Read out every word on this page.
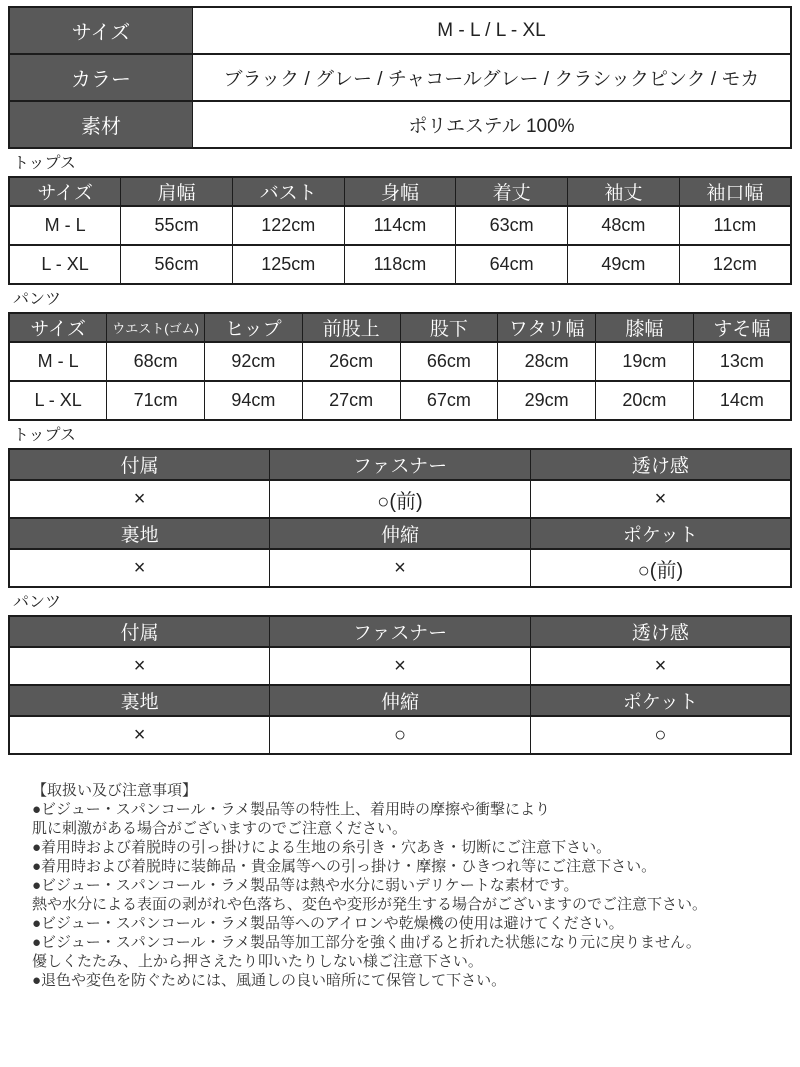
サイズ	M - L / L - XL
カラー	ブラック / グレー / チャコールグレー / クラシックピンク / モカ
素材	ポリエステル 100%
トップス
サイズ	肩幅	バスト	身幅	着丈	袖丈	袖口幅
M - L	55cm	122cm	114cm	63cm	48cm	11cm
L - XL	56cm	125cm	118cm	64cm	49cm	12cm
パンツ
サイズ	ウエスト(ゴム)	ヒップ	前股上	股下	ワタリ幅	膝幅	すそ幅
M - L	68cm	92cm	26cm	66cm	28cm	19cm	13cm
L - XL	71cm	94cm	27cm	67cm	29cm	20cm	14cm
トップス
付属	ファスナー	透け感
×	○(前)	×
裏地	伸縮	ポケット
×	×	○(前)
パンツ
付属	ファスナー	透け感
×	×	×
裏地	伸縮	ポケット
×	○	○
【取扱い及び注意事項】
●ビジュー・スパンコール・ラメ製品等の特性上、着用時の摩擦や衝撃により
肌に刺激がある場合がございますのでご注意ください。
●着用時および着脱時の引っ掛けによる生地の糸引き・穴あき・切断にご注意下さい。
●着用時および着脱時に装飾品・貴金属等への引っ掛け・摩擦・ひきつれ等にご注意下さい。
●ビジュー・スパンコール・ラメ製品等は熱や水分に弱いデリケートな素材です。
熱や水分による表面の剥がれや色落ち、変色や変形が発生する場合がございますのでご注意下さい。
●ビジュー・スパンコール・ラメ製品等へのアイロンや乾燥機の使用は避けてください。
●ビジュー・スパンコール・ラメ製品等加工部分を強く曲げると折れた状態になり元に戻りません。
優しくたたみ、上から押さえたり叩いたりしない様ご注意下さい。
●退色や変色を防ぐためには、風通しの良い暗所にて保管して下さい。
